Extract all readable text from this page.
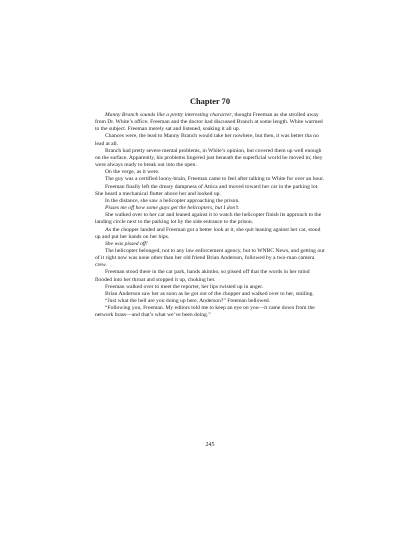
Chapter 70

Manny Branch sounds like a pretty interesting character, thought Freeman as she strolled away from Dr. White’s office. Freeman and the doctor had discussed Branch at some length. White warmed to the subject. Freeman merely sat and listened, soaking it all up.

Chances were, the lead to Manny Branch would take her nowhere, but then, it was better tha no lead at all.

Branch had pretty severe mental problems, in White’s opinion, but covered them up well enough on the surface. Apparently, his problems lingered just beneath the superficial world he moved in; they were always ready to break out into the open.

On the verge, as it were.

The guy was a certified loony-brain, Freeman came to feel after talking to White for over an hour.

Freeman finally left the dreary dampness of Attica and moved toward her car in the parking lot. She heard a mechanical flutter above her and looked up.

In the distance, she saw a helicopter approaching the prison.

Pisses me off how some guys get the helicopters, but I don’t.

She walked over to her car and leaned against it to watch the helicopter finish its approach to the landing circle next to the parking lot by the side entrance to the prison.

As the chopper landed and Freeman got a better look at it, she quit leaning against her car, stood up and put her hands on her hips.

She was pissed off!

The helicopter belonged, not to any law enforcement agency, but to WNBC News, and getting out of it right now was none other than her old friend Brian Anderson, followed by a two-man camera crew.

Freeman stood there in the car park, hands akimbo, so pissed off that the words in her mind flooded into her throat and stopped it up, choking her.

Freeman walked over to meet the reporter, her lips twisted up in anger.

Brian Anderson saw her as soon as he got out of the chopper and walked over to her, smiling.

“Just what the hell are you doing up here, Anderson?” Freeman bellowed.

“Following you, Freeman. My editors told me to keep an eye on you—it came down from the network brass—and that’s what we’ve been doing.”

245
